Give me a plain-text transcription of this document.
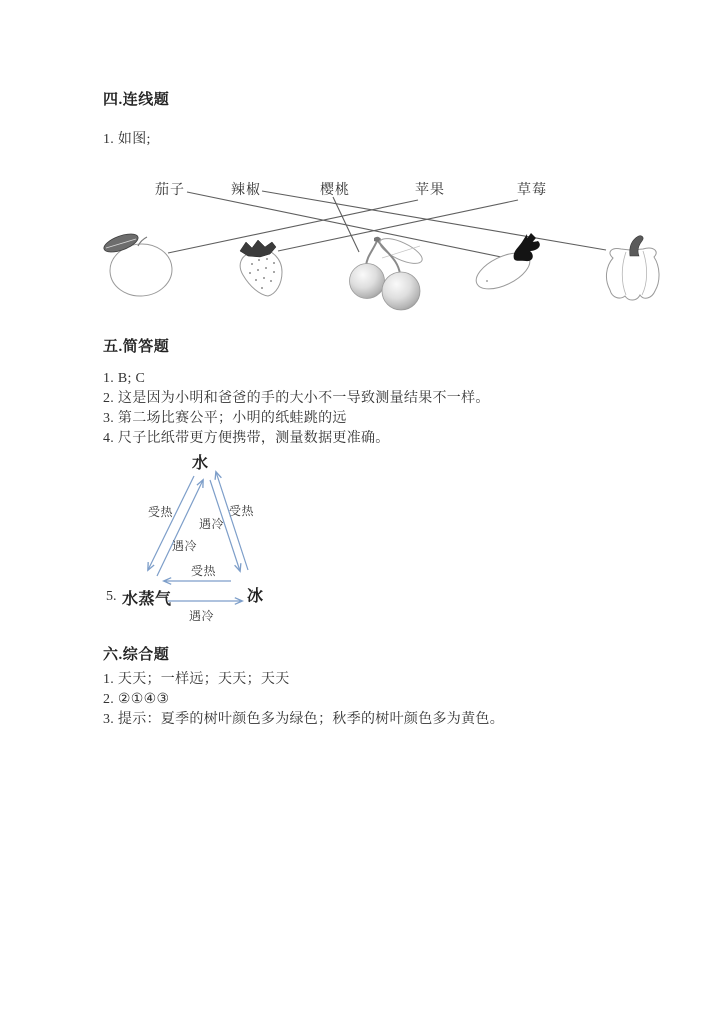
四.连线题
1. 如图;
茄子	辣椒	樱桃	苹果	草莓
五.简答题
1. B; C
2. 这是因为小明和爸爸的手的大小不一导致测量结果不一样。
3. 第二场比赛公平；小明的纸蛙跳的远
4. 尺子比纸带更方便携带，测量数据更准确。
水
5. 水蒸气	冰
受热
遇冷
遇冷
受热
受热
遇冷
六.综合题
1. 天天；一样远；天天；天天
2. ②①④③
3. 提示：夏季的树叶颜色多为绿色；秋季的树叶颜色多为黄色。
